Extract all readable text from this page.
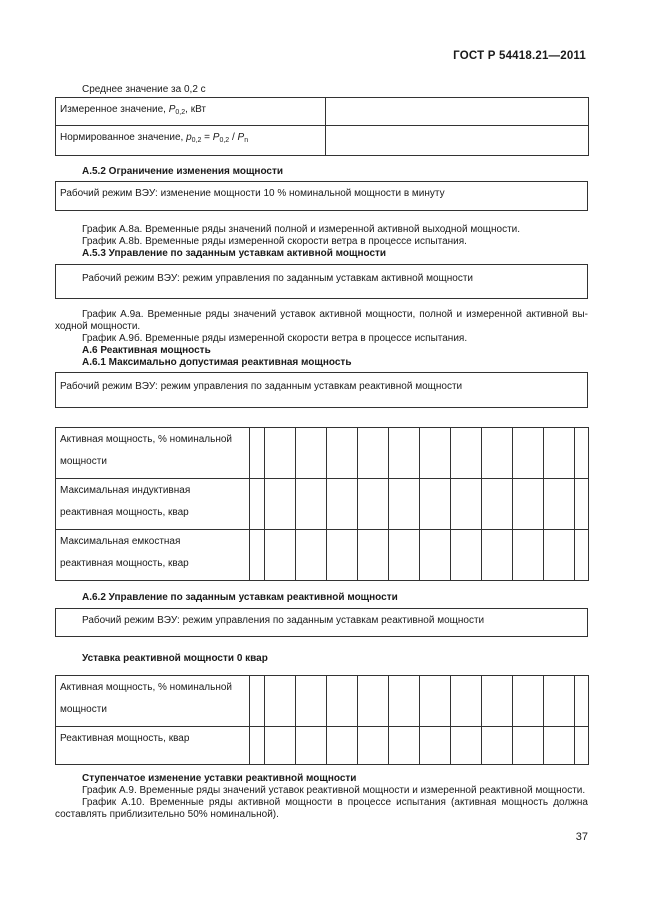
ГОСТ Р 54418.21—2011
Среднее значение за 0,2 с
Измеренное значение, $P_{0,2}$, кВт	
Нормированное значение, $p_{0,2} = P_{0,2} / P_n$	
А.5.2 Ограничение изменения мощности
Рабочий режим ВЭУ: изменение мощности 10 % номинальной мощности в минуту
График А.8а. Временные ряды значений полной и измеренной активной выходной мощности.
График А.8b. Временные ряды измеренной скорости ветра в процессе испытания.
А.5.3 Управление по заданным уставкам активной мощности
Рабочий режим ВЭУ: режим управления по заданным уставкам активной мощности
График А.9а. Временные ряды значений уставок активной мощности, полной и измеренной активной вы-
ходной мощности.
График А.9б. Временные ряды измеренной скорости ветра в процессе испытания.
А.6 Реактивная мощность
А.6.1 Максимально допустимая реактивная мощность
Рабочий режим ВЭУ: режим управления по заданным уставкам реактивной мощности
Активная мощность, % номинальной
мощности												

Максимальная индуктивная
реактивная мощность, квар												

Максимальная емкостная
реактивная мощность, квар												

А.6.2 Управление по заданным уставкам реактивной мощности
Рабочий режим ВЭУ: режим управления по заданным уставкам реактивной мощности
Уставка реактивной мощности 0 квар
Активная мощность, % номинальной
мощности												

Реактивная мощность, квар												
Ступенчатое изменение уставки реактивной мощности
График А.9. Временные ряды значений уставок реактивной мощности и измеренной реактивной мощности.
График А.10. Временные ряды активной мощности в процессе испытания (активная мощность должна
составлять приблизительно 50% номинальной).
37
